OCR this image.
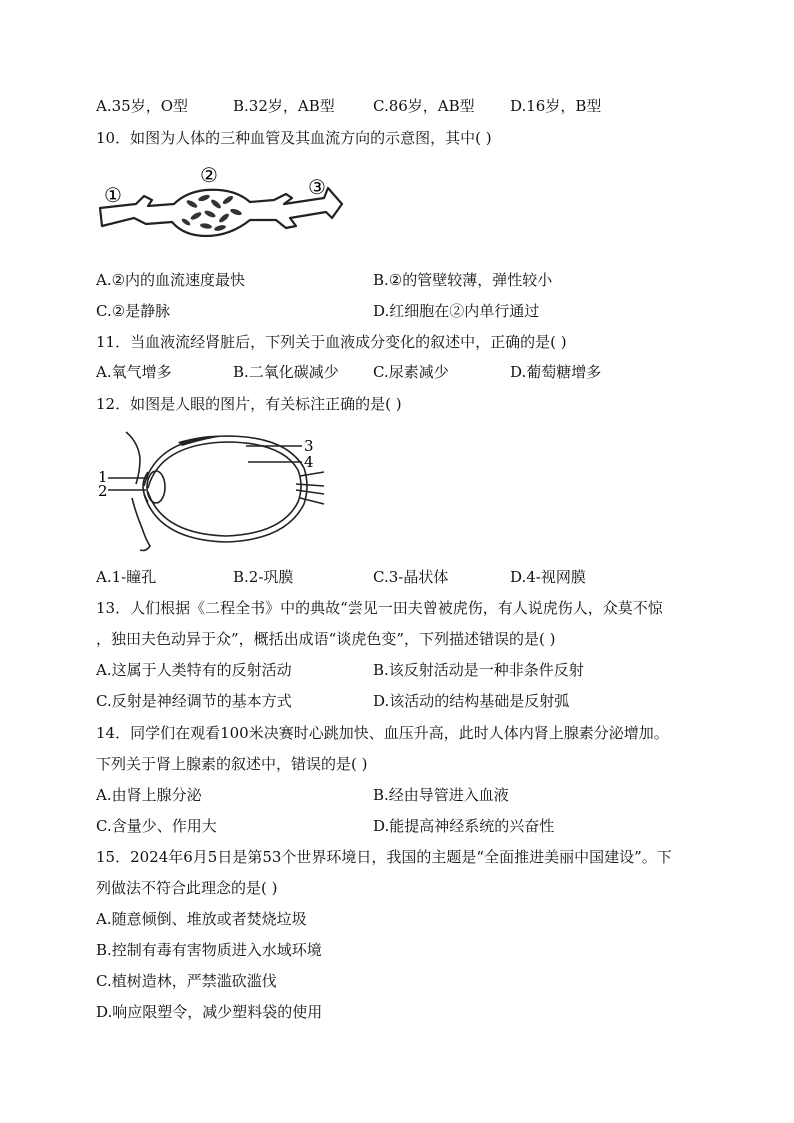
A.35岁，O型	B.32岁，AB型	C.86岁，AB型 D.16岁，B型
10．如图为人体的三种血管及其血流方向的示意图，其中( )
①
②	③
A.②内的血流速度最快	B.②的管壁较薄，弹性较小
C.②是静脉	D.红细胞在②内单行通过
11．当血液流经肾脏后，下列关于血液成分变化的叙述中，正确的是( )
A.氧气增多	B.二氧化碳减少 C.尿素减少	D.葡萄糖增多
12．如图是人眼的图片，有关标注正确的是( )
1
2
3
4
A.1-瞳孔	B.2-巩膜	C.3-晶状体	D.4-视网膜
13．人们根据《二程全书》中的典故“尝见一田夫曾被虎伤，有人说虎伤人，众莫不惊
，独田夫色动异于众”，概括出成语“谈虎色变”，下列描述错误的是( )
A.这属于人类特有的反射活动	B.该反射活动是一种非条件反射
C.反射是神经调节的基本方式	D.该活动的结构基础是反射弧
14．同学们在观看100米决赛时心跳加快、血压升高，此时人体内肾上腺素分泌增加。
下列关于肾上腺素的叙述中，错误的是( )
A.由肾上腺分泌	B.经由导管进入血液
C.含量少、作用大	D.能提高神经系统的兴奋性
15．2024年6月5日是第53个世界环境日，我国的主题是“全面推进美丽中国建设”。下
列做法不符合此理念的是( )
A.随意倾倒、堆放或者焚烧垃圾
B.控制有毒有害物质进入水域环境
C.植树造林，严禁滥砍滥伐
D.响应限塑令，减少塑料袋的使用
